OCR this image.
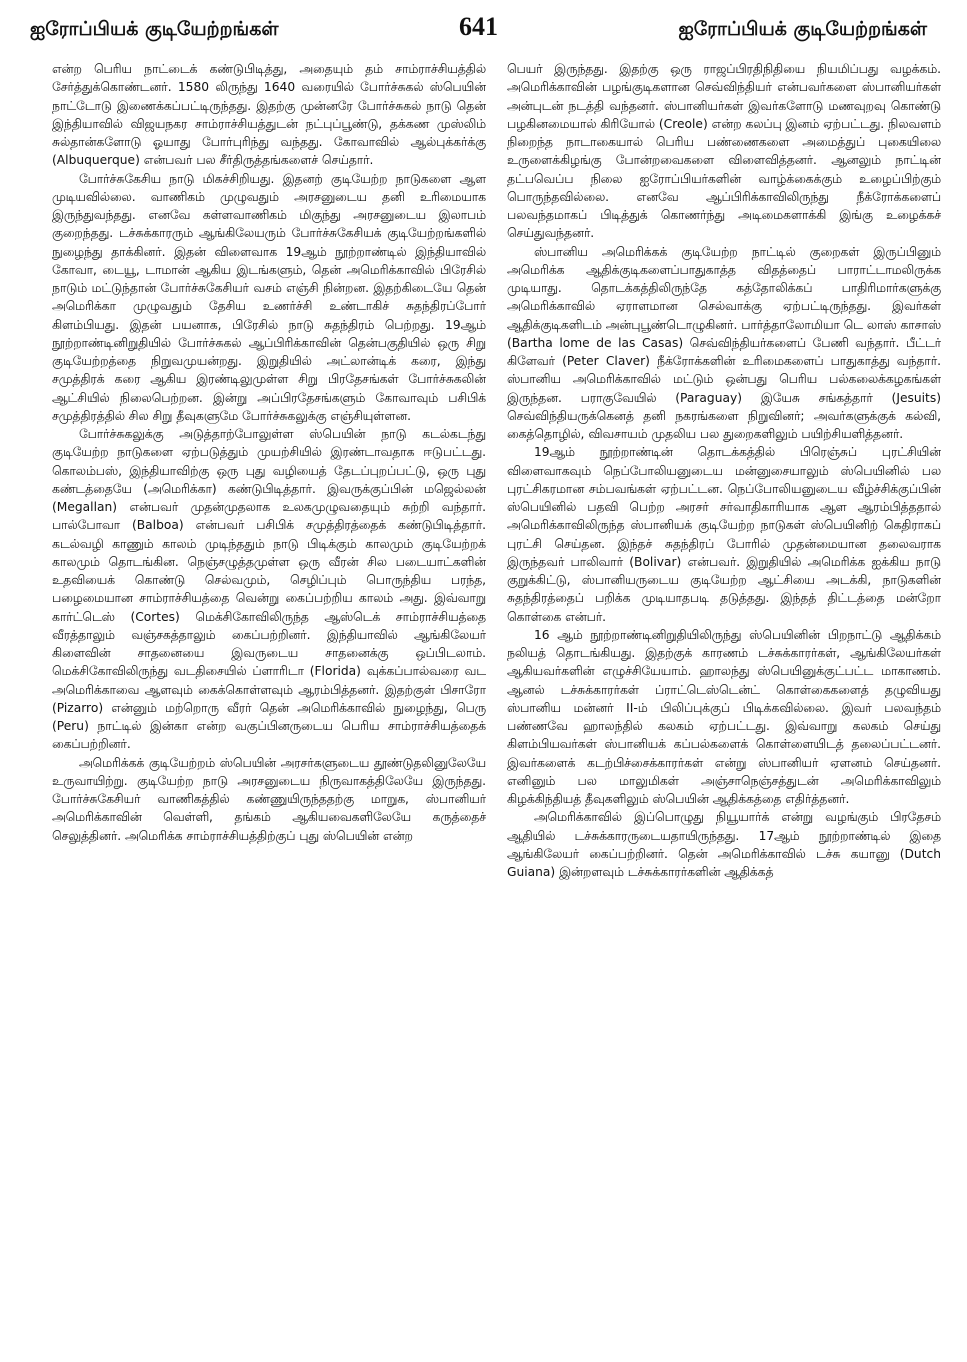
ஐரோப்பியக் குடியேற்றங்கள்	641	ஐரோப்பியக் குடியேற்றங்கள்

என்ற பெரிய நாட்டைக் கண்டுபிடித்து, அதையும் தம் சாம்ராச்சியத்தில் சேர்த்துக்கொண்டனர். 1580 லிருந்து 1640 வரையில் போர்ச்சுகல் ஸ்பெயின் நாட்டோடு இணைக்கப்பட்டிருந்தது. இதற்கு முன்னரே போர்ச்சுகல் நாடு தென் இந்தியாவில் விஜயநகர சாம்ராச்சியத்துடன் நட்புப்பூண்டு, தக்கண முஸ்லிம் சுல்தான்களோடு ஓயாது போர்புரிந்து வந்தது. கோவாவில் ஆல்புக்கர்க்கு (Albuquerque) என்பவர் பல சீர்திருத்தங்களைச் செய்தார்.

போர்ச்சுகேசிய நாடு மிகச்சிறியது. இதனற் குடியேற்ற நாடுகளை ஆள முடியவில்லை. வாணிகம் முழுவதும் அரசனுடைய தனி உரிமையாக இருந்துவந்தது. எனவே கள்ளவாணிகம் மிகுந்து அரசனுடைய இலாபம் குறைந்தது. டச்சுக்காரரும் ஆங்கிலேயரும் போர்ச்சுகேசியக் குடியேற்றங்களில் நுழைந்து தாக்கினர். இதன் விளைவாக 19ஆம் நூற்றாண்டில் இந்தியாவில் கோவா, டையூ, டாமான் ஆகிய இடங்களும், தென் அமெரிக்காவில் பிரேசில் நாடும் மட்டுந்தான் போர்ச்சுகேசியர் வசம் எஞ்சி நின்றன. இதற்கிடையே தென் அமெரிக்கா முழுவதும் தேசிய உணர்ச்சி உண்டாகிச் சுதந்திரப்போர் கிளம்பியது. இதன் பயனாக, பிரேசில் நாடு சுதந்திரம் பெற்றது. 19ஆம் நூற்றாண்டினிறுதியில் போர்ச்சுகல் ஆப்பிரிக்காவின் தென்பகுதியில் ஒரு சிறு குடியேற்றத்தை நிறுவமுயன்றது. இறுதியில் அட்லான்டிக் கரை, இந்து சமுத்திரக் கரை ஆகிய இரண்டிலுமுள்ள சிறு பிரதேசங்கள் போர்ச்சுகலின் ஆட்சியில் நிலைபெற்றன. இன்று அப்பிரதேசங்களும் கோவாவும் பசிபிக் சமுத்திரத்தில் சில சிறு தீவுகளுமே போர்ச்சுகலுக்கு எஞ்சியுள்ளன.

போர்ச்சுகலுக்கு அடுத்தாற்போலுள்ள ஸ்பெயின் நாடு கடல்கடந்து குடியேற்ற நாடுகளை ஏற்படுத்தும் முயற்சியில் இரண்டாவதாக ஈடுபட்டது. கொலம்பஸ், இந்தியாவிற்கு ஒரு புது வழியைத் தேடப்புறப்பட்டு, ஒரு புது கண்டத்தையே (அமெரிக்கா) கண்டுபிடித்தார். இவருக்குப்பின் மஜெல்லன் (Megallan) என்பவர் முதன்முதலாக உலகமுழுவதையும் சுற்றி வந்தார். பால்போவா (Balboa) என்பவர் பசிபிக் சமுத்திரத்தைக் கண்டுபிடித்தார். கடல்வழி காணும் காலம் முடிந்ததும் நாடு பிடிக்கும் காலமும் குடியேற்றக் காலமும் தொடங்கின. நெஞ்சழுத்தமுள்ள ஒரு வீரன் சில படையாட்களின் உதவியைக் கொண்டு செல்வமும், செழிப்பும் பொருந்திய பரந்த, பழைமையான சாம்ராச்சியத்தை வென்று கைப்பற்றிய காலம் அது. இவ்வாறு கார்ட்டெஸ் (Cortes) மெக்சிகோவிலிருந்த ஆஸ்டெக் சாம்ராச்சியத்தை வீரத்தாலும் வஞ்சகத்தாலும் கைப்பற்றினர். இந்தியாவில் ஆங்கிலேயர் கிளைவின் சாதனையை இவருடைய சாதனைக்கு ஒப்பிடலாம். மெக்சிகோவிலிருந்து வடதிசையில் ப்ளாரிடா (Florida) வுக்கப்பால்வரை வட அமெரிக்காவை ஆளவும் கைக்கொள்ளவும் ஆரம்பித்தனர். இதற்குள் பிசாரோ (Pizarro) என்னும் மற்றொரு வீரர் தென் அமெரிக்காவில் நுழைந்து, பெரு (Peru) நாட்டில் இன்கா என்ற வகுப்பினருடைய பெரிய சாம்ராச்சியத்தைக் கைப்பற்றினர்.

அமெரிக்கக் குடியேற்றம் ஸ்பெயின் அரசர்களுடைய தூண்டுதலினுலேயே உருவாயிற்று. குடியேற்ற நாடு அரசனுடைய நிருவாகத்திலேயே இருந்தது. போர்ச்சுகேசியர் வாணிகத்தில் கண்ணுயிருந்ததற்கு மாறுக, ஸ்பானியர் அமெரிக்காவின் வெள்ளி, தங்கம் ஆகியவைகளிலேயே கருத்தைச் செலுத்தினர். அமெரிக்க சாம்ராச்சியத்திற்குப் புது ஸ்பெயின் என்ற

பெயர் இருந்தது. இதற்கு ஒரு ராஜப்பிரதிநிதியை நியமிப்பது வழக்கம். அமெரிக்காவின் பழங்குடிகளான செவ்விந்தியர் என்பவர்களை ஸ்பானியர்கள் அன்புடன் நடத்தி வந்தனர். ஸ்பானியர்கள் இவர்களோடு மணவுறவு கொண்டு பழகினமையால் கிரியோல் (Creole) என்ற கலப்பு இனம் ஏற்பட்டது. நிலவளம் நிறைந்த நாடாகையால் பெரிய பண்ணைகளை அமைத்துப் புகையிலை உருளைக்கிழங்கு போன்றவைகளை விளைவித்தனர். ஆனலும் நாட்டின் தட்பவெப்ப நிலை ஐரோப்பியர்களின் வாழ்க்கைக்கும் உழைப்பிற்கும் பொருந்தவில்லை. எனவே ஆப்பிரிக்காவிலிருந்து நீக்ரோக்களைப் பலவந்தமாகப் பிடித்துக் கொணர்ந்து அடிமைகளாக்கி இங்கு உழைக்கச் செய்துவந்தனர்.

ஸ்பானிய அமெரிக்கக் குடியேற்ற நாட்டில் குறைகள் இருப்பினும் அமெரிக்க ஆதிக்குடிகளைப்பாதுகாத்த விதத்தைப் பாராட்டாமலிருக்க முடியாது. தொடக்கத்திலிருந்தே கத்தோலிக்கப் பாதிரிமார்களுக்கு அமெரிக்காவில் ஏராளமான செல்வாக்கு ஏற்பட்டிருந்தது. இவர்கள் ஆதிக்குடிகளிடம் அன்புபூண்டொழுகினர். பார்த்தாலோமியா டெ லாஸ் காசாஸ் (Bartha lome de las Casas) செவ்விந்தியர்களைப் பேணி வந்தார். பீட்டர் கிளேவர் (Peter Claver) நீக்ரோக்களின் உரிமைகளைப் பாதுகாத்து வந்தார். ஸ்பானிய அமெரிக்காவில் மட்டும் ஒன்பது பெரிய பல்கலைக்கழகங்கள் இருந்தன. பராகுவேயில் (Paraguay) இயேசு சங்கத்தார் (Jesuits) செவ்விந்தியருக்கெனத் தனி நகரங்களை நிறுவினர்; அவர்களுக்குக் கல்வி, கைத்தொழில், விவசாயம் முதலிய பல துறைகளிலும் பயிற்சியளித்தனர்.

19ஆம் நூற்றாண்டின் தொடக்கத்தில் பிரெஞ்சுப் புரட்சியின் விளைவாகவும் நெப்போலியனுடைய மன்னுசையாலும் ஸ்பெயினில் பல புரட்சிகரமான சம்பவங்கள் ஏற்பட்டன. நெப்போலியனுடைய வீழ்ச்சிக்குப்பின் ஸ்பெயினில் பதவி பெற்ற அரசர் சர்வாதிகாரியாக ஆள ஆரம்பித்ததால் அமெரிக்காவிலிருந்த ஸ்பானியக் குடியேற்ற நாடுகள் ஸ்பெயினிற் கெதிராகப் புரட்சி செய்தன. இந்தச் சுதந்திரப் போரில் முதன்மையான தலைவராக இருந்தவர் பாலிவார் (Bolivar) என்பவர். இறுதியில் அமெரிக்க ஐக்கிய நாடு குறுக்கிட்டு, ஸ்பானியருடைய குடியேற்ற ஆட்சியை அடக்கி, நாடுகளின் சுதந்திரத்தைப் பறிக்க முடியாதபடி தடுத்தது. இந்தத் திட்டத்தை மன்றோ கொள்கை என்பர்.

16 ஆம் நூற்றாண்டினிறுதியிலிருந்து ஸ்பெயினின் பிறநாட்டு ஆதிக்கம் நலியத் தொடங்கியது. இதற்குக் காரணம் டச்சுக்காரர்கள், ஆங்கிலேயர்கள் ஆகியவர்களின் எழுச்சியேயாம். ஹாலந்து ஸ்பெயினுக்குட்பட்ட மாகாணம். ஆனல் டச்சுக்காரர்கள் ப்ராட்டெஸ்டென்ட் கொள்கைகளைத் தழுவியது ஸ்பானிய மன்னர் II-ம் பிலிப்புக்குப் பிடிக்கவில்லை. இவர் பலவந்தம் பண்ணவே ஹாலந்தில் கலகம் ஏற்பட்டது. இவ்வாறு கலகம் செய்து கிளம்பியவர்கள் ஸ்பானியக் கப்பல்களைக் கொள்ளையிடத் தலைப்பட்டனர். இவர்களைக் கடற்பிச்சைக்காரர்கள் என்று ஸ்பானியர் ஏளனம் செய்தனர். எனினும் பல மாலுமிகள் அஞ்சாநெஞ்சத்துடன் அமெரிக்காவிலும் கிழக்கிந்தியத் தீவுகளிலும் ஸ்பெயின் ஆதிக்கத்தை எதிர்த்தனர்.

அமெரிக்காவில் இப்பொழுது நியூயார்க் என்று வழங்கும் பிரதேசம் ஆதியில் டச்சுக்காரருடையதாயிருந்தது. 17ஆம் நூற்றாண்டில் இதை ஆங்கிலேயர் கைப்பற்றினர். தென் அமெரிக்காவில் டச்சு கயானு (Dutch Guiana) இன்றளவும் டச்சுக்காரர்களின் ஆதிக்கத்
